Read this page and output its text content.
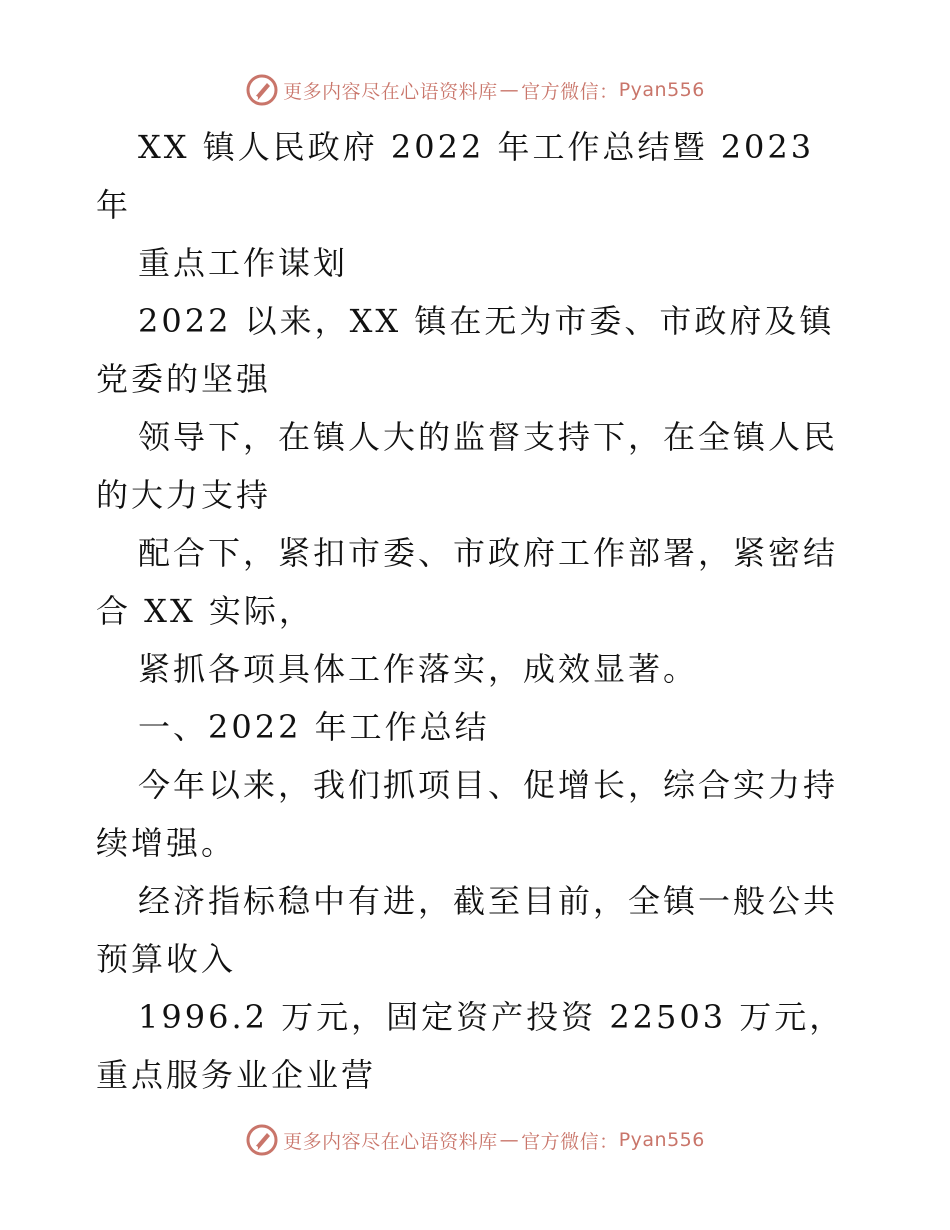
更多内容尽在心语资料库 — 官方微信： Pyan556

XX 镇人民政府 2022 年工作总结暨 2023 年

重点工作谋划

2022 以来，XX 镇在无为市委、市政府及镇党委的坚强

领导下，在镇人大的监督支持下，在全镇人民的大力支持

配合下，紧扣市委、市政府工作部署，紧密结合 XX 实际，

紧抓各项具体工作落实，成效显著。

一、2022 年工作总结

今年以来，我们抓项目、促增长，综合实力持续增强。

经济指标稳中有进，截至目前，全镇一般公共预算收入

1996.2 万元，固定资产投资 22503 万元，重点服务业企业营

更多内容尽在心语资料库 — 官方微信： Pyan556
